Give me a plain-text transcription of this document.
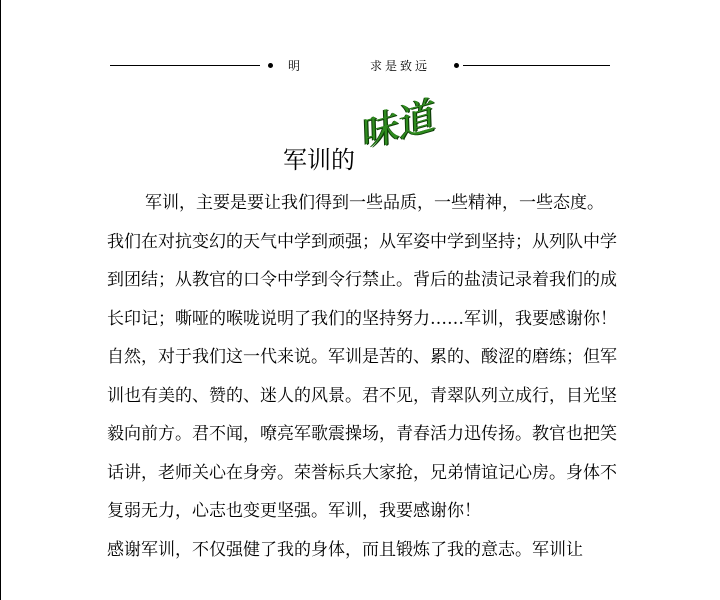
明	求是致远
军训的
味道

军训，主要是要让我们得到一些品质，一些精神，一些态度。我们在对抗变幻的天气中学到顽强；从军姿中学到坚持；从列队中学到团结；从教官的口令中学到令行禁止。背后的盐渍记录着我们的成长印记；嘶哑的喉咙说明了我们的坚持努力……军训，我要感谢你！

自然，对于我们这一代来说。军训是苦的、累的、酸涩的磨练；但军训也有美的、赞的、迷人的风景。君不见，青翠队列立成行，目光坚毅向前方。君不闻，嘹亮军歌震操场，青春活力迅传扬。教官也把笑话讲，老师关心在身旁。荣誉标兵大家抢，兄弟情谊记心房。身体不复弱无力，心志也变更坚强。军训，我要感谢你！

感谢军训，不仅强健了我的身体，而且锻炼了我的意志。军训让
